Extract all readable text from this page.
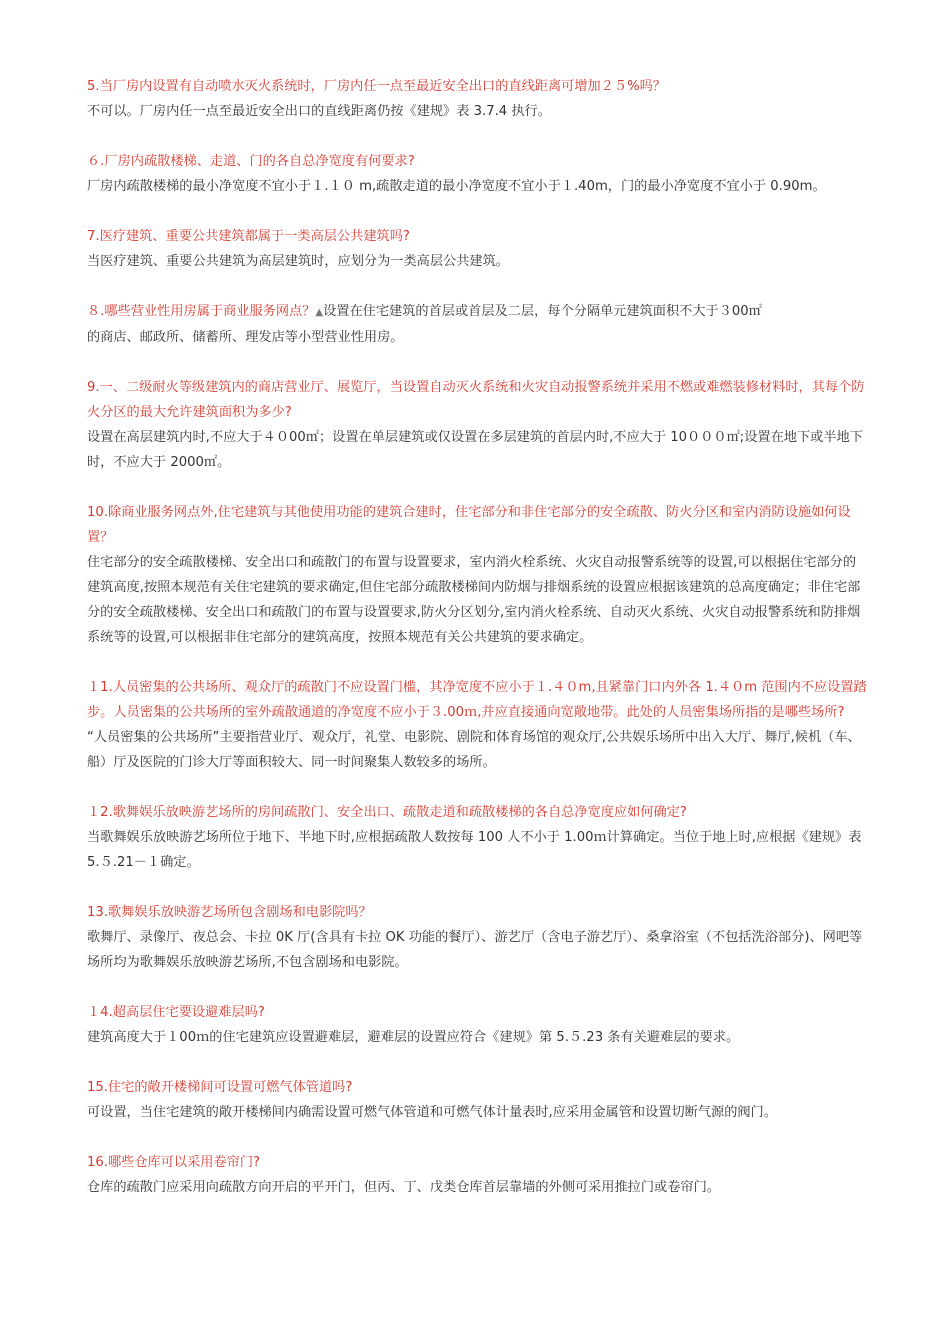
5.当厂房内设置有自动喷水灭火系统时，厂房内任一点至最近安全出口的直线距离可增加２５%吗？

不可以。厂房内任一点至最近安全出口的直线距离仍按《建规》表 3.7.4 执行。

６.厂房内疏散楼梯、走道、门的各自总净宽度有何要求?

厂房内疏散楼梯的最小净宽度不宜小于１.１０ m,疏散走道的最小净宽度不宜小于１.40m，门的最小净宽度不宜小于 0.90m。

7.医疗建筑、重要公共建筑都属于一类高层公共建筑吗?

当医疗建筑、重要公共建筑为高层建筑时，应划分为一类高层公共建筑。

８.哪些营业性用房属于商业服务网点？▲设置在住宅建筑的首层或首层及二层，每个分隔单元建筑面积不大于３00㎡

的商店、邮政所、储蓄所、理发店等小型营业性用房。

9.一、二级耐火等级建筑内的商店营业厅、展览厅，当设置自动灭火系统和火灾自动报警系统并采用不燃或难燃装修材料时，其每个防火分区的最大允许建筑面积为多少?

设置在高层建筑内时,不应大于４０00㎡；设置在单层建筑或仅设置在多层建筑的首层内时,不应大于 10０００㎡;设置在地下或半地下时，不应大于 2000㎡。

10.除商业服务网点外,住宅建筑与其他使用功能的建筑合建时，住宅部分和非住宅部分的安全疏散、防火分区和室内消防设施如何设置？

住宅部分的安全疏散楼梯、安全出口和疏散门的布置与设置要求，室内消火栓系统、火灾自动报警系统等的设置,可以根据住宅部分的建筑高度,按照本规范有关住宅建筑的要求确定,但住宅部分疏散楼梯间内防烟与排烟系统的设置应根据该建筑的总高度确定；非住宅部分的安全疏散楼梯、安全出口和疏散门的布置与设置要求,防火分区划分,室内消火栓系统、自动灭火系统、火灾自动报警系统和防排烟系统等的设置,可以根据非住宅部分的建筑高度，按照本规范有关公共建筑的要求确定。

１1.人员密集的公共场所、观众厅的疏散门不应设置门槛，其净宽度不应小于１.４０m,且紧靠门口内外各 1.４０m 范围内不应设置踏步。人员密集的公共场所的室外疏散通道的净宽度不应小于３.00ｍ,并应直接通向宽敞地带。此处的人员密集场所指的是哪些场所?

“人员密集的公共场所”主要指营业厅、观众厅，礼堂、电影院、剧院和体育场馆的观众厅,公共娱乐场所中出入大厅、舞厅,候机（车、船）厅及医院的门诊大厅等面积较大、同一时间聚集人数较多的场所。

１2.歌舞娱乐放映游艺场所的房间疏散门、安全出口、疏散走道和疏散楼梯的各自总净宽度应如何确定?

当歌舞娱乐放映游艺场所位于地下、半地下时,应根据疏散人数按每 100 人不小于 1.00ｍ计算确定。当位于地上时,应根据《建规》表 5.５.21－１确定。

13.歌舞娱乐放映游艺场所包含剧场和电影院吗？

歌舞厅、录像厅、夜总会、卡拉 0K 厅(含具有卡拉 OK 功能的餐厅）、游艺厅（含电子游艺厅）、桑拿浴室（不包括洗浴部分)、网吧等场所均为歌舞娱乐放映游艺场所,不包含剧场和电影院。

１4.超高层住宅要设避难层吗?

建筑高度大于１00ｍ的住宅建筑应设置避难层，避难层的设置应符合《建规》第 5.５.23 条有关避难层的要求。

15.住宅的敞开楼梯间可设置可燃气体管道吗?

可设置，当住宅建筑的敞开楼梯间内确需设置可燃气体管道和可燃气体计量表时,应采用金属管和设置切断气源的阀门。

16.哪些仓库可以采用卷帘门?

仓库的疏散门应采用向疏散方向开启的平开门，但丙、丁、戊类仓库首层靠墙的外侧可采用推拉门或卷帘门。
